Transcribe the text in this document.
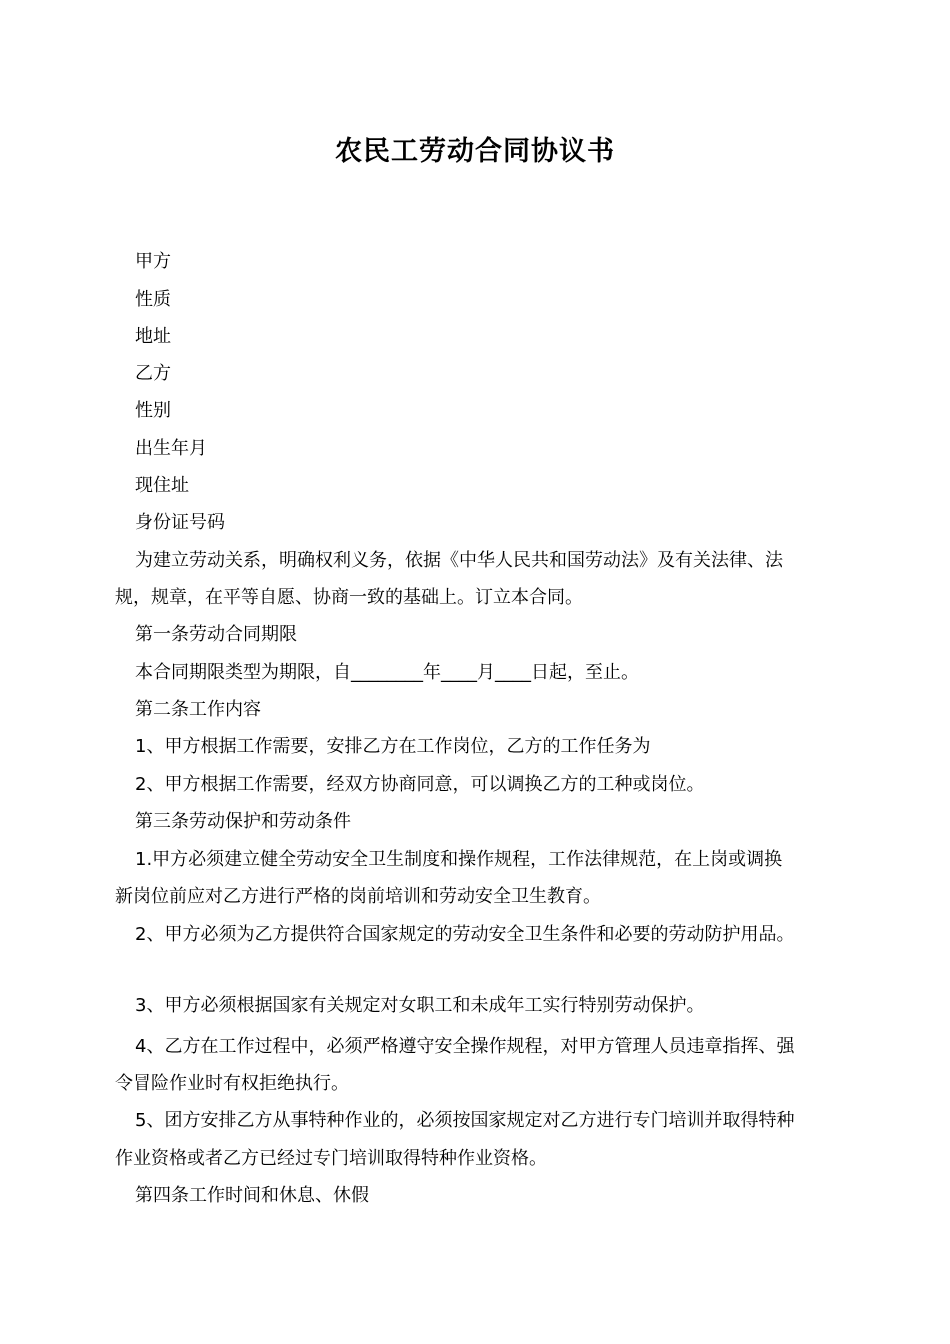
农民工劳动合同协议书
甲方
性质
地址
乙方
性别
出生年月
现住址
身份证号码
为建立劳动关系，明确权利义务，依据《中华人民共和国劳动法》及有关法律、法
规，规章，在平等自愿、协商一致的基础上。订立本合同。
第一条劳动合同期限
本合同期限类型为期限，自________年____月____日起，至止。
第二条工作内容
1、甲方根据工作需要，安排乙方在工作岗位，乙方的工作任务为
2、甲方根据工作需要，经双方协商同意，可以调换乙方的工种或岗位。
第三条劳动保护和劳动条件
1.甲方必须建立健全劳动安全卫生制度和操作规程，工作法律规范，在上岗或调换
新岗位前应对乙方进行严格的岗前培训和劳动安全卫生教育。
2、甲方必须为乙方提供符合国家规定的劳动安全卫生条件和必要的劳动防护用品。
3、甲方必须根据国家有关规定对女职工和未成年工实行特别劳动保护。
4、乙方在工作过程中，必须严格遵守安全操作规程，对甲方管理人员违章指挥、强
令冒险作业时有权拒绝执行。
5、团方安排乙方从事特种作业的，必须按国家规定对乙方进行专门培训并取得特种
作业资格或者乙方已经过专门培训取得特种作业资格。
第四条工作时间和休息、休假
